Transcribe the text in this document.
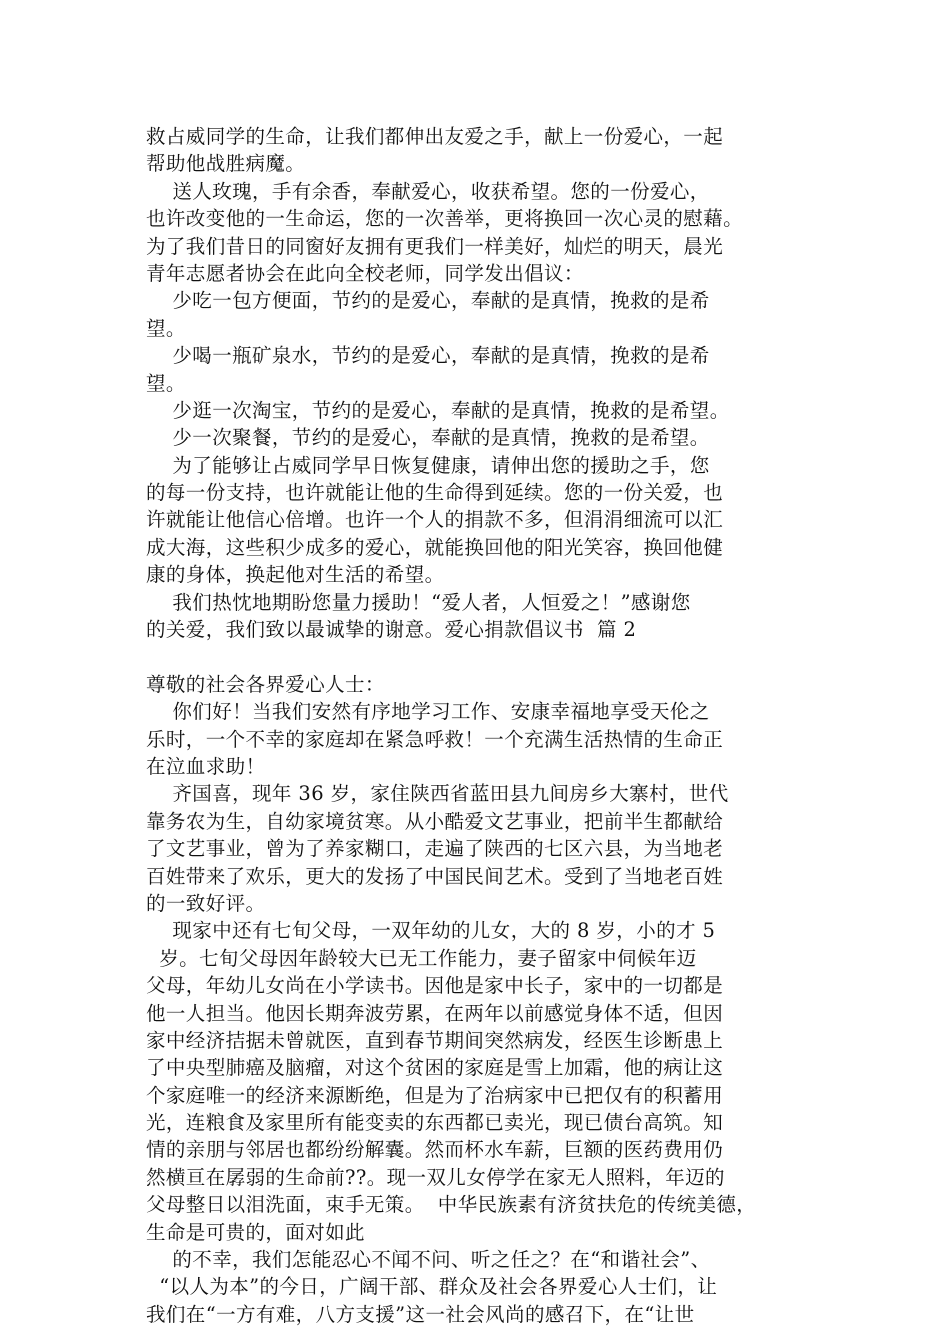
救占威同学的生命，让我们都伸出友爱之手，献上一份爱心，一起
帮助他战胜病魔。
送人玫瑰，手有余香，奉献爱心，收获希望。您的一份爱心，
也许改变他的一生命运，您的一次善举，更将换回一次心灵的慰藉。
为了我们昔日的同窗好友拥有更我们一样美好，灿烂的明天，晨光
青年志愿者协会在此向全校老师，同学发出倡议：
少吃一包方便面，节约的是爱心，奉献的是真情，挽救的是希
望。
少喝一瓶矿泉水，节约的是爱心，奉献的是真情，挽救的是希
望。
少逛一次淘宝，节约的是爱心，奉献的是真情，挽救的是希望。
少一次聚餐，节约的是爱心，奉献的是真情，挽救的是希望。
为了能够让占威同学早日恢复健康，请伸出您的援助之手，您
的每一份支持，也许就能让他的生命得到延续。您的一份关爱，也
许就能让他信心倍增。也许一个人的捐款不多，但涓涓细流可以汇
成大海，这些积少成多的爱心，就能换回他的阳光笑容，换回他健
康的身体，换起他对生活的希望。
我们热忱地期盼您量力援助！“爱人者，人恒爱之！”感谢您
的关爱，我们致以最诚挚的谢意。爱心捐款倡议书  篇 2
尊敬的社会各界爱心人士：
你们好！当我们安然有序地学习工作、安康幸福地享受天伦之
乐时，一个不幸的家庭却在紧急呼救！一个充满生活热情的生命正
在泣血求助！
齐国喜，现年 36 岁，家住陕西省蓝田县九间房乡大寨村，世代
靠务农为生，自幼家境贫寒。从小酷爱文艺事业，把前半生都献给
了文艺事业，曾为了养家糊口，走遍了陕西的七区六县，为当地老
百姓带来了欢乐，更大的发扬了中国民间艺术。受到了当地老百姓
的一致好评。
现家中还有七旬父母，一双年幼的儿女，大的 8 岁，小的才 5
岁。七旬父母因年龄较大已无工作能力，妻子留家中伺候年迈
父母，年幼儿女尚在小学读书。因他是家中长子，家中的一切都是
他一人担当。他因长期奔波劳累，在两年以前感觉身体不适，但因
家中经济拮据未曾就医，直到春节期间突然病发，经医生诊断患上
了中央型肺癌及脑瘤，对这个贫困的家庭是雪上加霜，他的病让这
个家庭唯一的经济来源断绝，但是为了治病家中已把仅有的积蓄用
光，连粮食及家里所有能变卖的东西都已卖光，现已债台高筑。知
情的亲朋与邻居也都纷纷解囊。然而杯水车薪，巨额的医药费用仍
然横亘在孱弱的生命前??。现一双儿女停学在家无人照料，年迈的
父母整日以泪洗面，束手无策。  中华民族素有济贫扶危的传统美德，
生命是可贵的，面对如此
的不幸，我们怎能忍心不闻不问、听之任之？在“和谐社会”、
“以人为本”的今日，广阔干部、群众及社会各界爱心人士们，让
我们在“一方有难，八方支援”这一社会风尚的感召下，在“让世
